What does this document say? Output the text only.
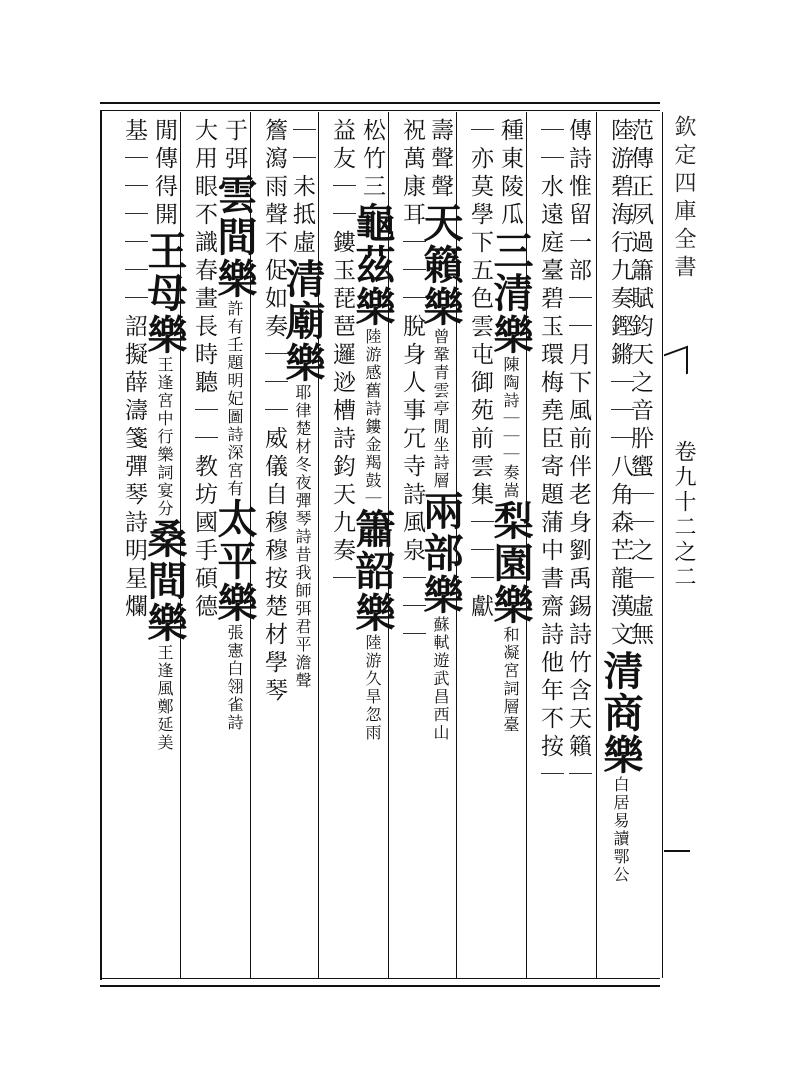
欽定四庫全書
卷九十二之二
范傳正夙過簫賦鈞天之音肸蠁｜｜之｜虛無
陸游碧海行九奏鏗鏘｜｜｜八角森芒龍漢文清商樂白居易讀鄂公
傳詩惟留一部｜｜月下風前伴老身劉禹錫詩竹含天籟｜
｜｜水遠庭臺碧玉環梅堯臣寄題蒲中書齋詩他年不按｜
種東陵瓜三清樂陳陶詩｜｜｜奏嵩梨園樂和凝宮詞層臺
｜亦莫學下五色雲屯御苑前雲集｜｜｜獻
壽聲聲天籟樂曾鞏青雲亭閒坐詩層兩部樂蘇軾遊武昌西山
祝萬康耳｜｜｜脫身人事冗寺詩風泉｜｜｜
松竹三龜茲樂陸游感舊詩鏤金羯鼓｜簫韶樂陸游久旱忽雨
益友｜｜鏤玉琵琶邏逤槽詩鈞天九奏｜
｜｜未抵虛清廟樂耶律楚材冬夜彈琴詩昔我師弭君平澹聲
簷瀉雨聲不促如奏｜｜｜威儀自穆穆按楚材學琴
于弭雲間樂許有壬題明妃圖詩深宮有太平樂張憲白翎雀詩
大用眼不識春畫長時聽｜｜教坊國手碩德
閒傳得開王母樂王逢宮中行樂詞宴分桑間樂王逢風鄭延美
基｜｜｜｜｜｜詔擬薛濤箋彈琴詩明星爛
